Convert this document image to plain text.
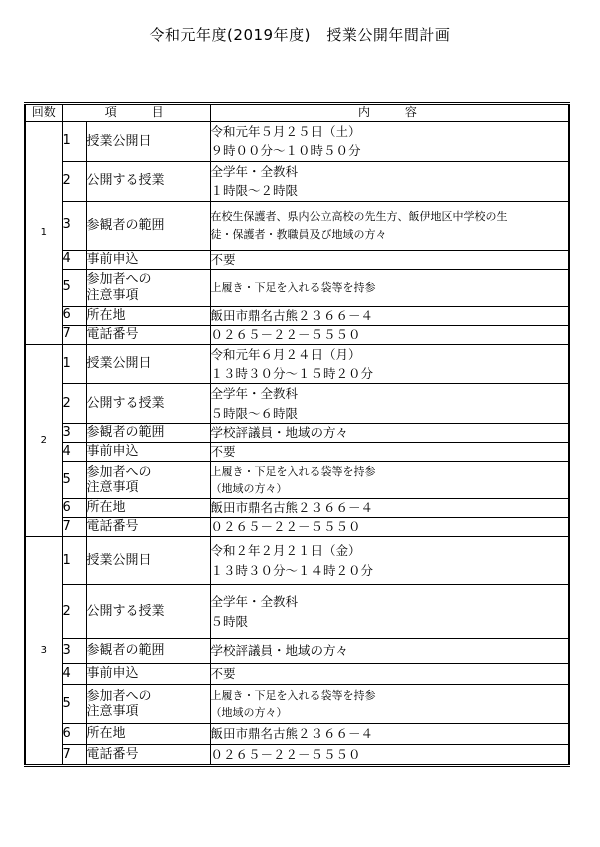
令和元年度(2019年度)　授業公開年間計画
回数	項　　目		内　　容
1	1	授業公開日	令和元年５月２５日（土）
９時００分～１０時５０分

	2	公開する授業	全学年・全教科
１時限～２時限

	3	参観者の範囲	在校生保護者、県内公立高校の先生方、飯伊地区中学校の生
徒・保護者・教職員及び地域の方々

	4	事前申込	不要

	5	参加者への
注意事項	上履き・下足を入れる袋等を持参

	6	所在地	飯田市鼎名古熊２３６６－４

	7	電話番号	０２６５－２２－５５５０

2	1	授業公開日	令和元年６月２４日（月）
１３時３０分～１５時２０分

	2	公開する授業	全学年・全教科
５時限～６時限

	3	参観者の範囲	学校評議員・地域の方々

	4	事前申込	不要

	5	参加者への
注意事項	上履き・下足を入れる袋等を持参
（地域の方々）

	6	所在地	飯田市鼎名古熊２３６６－４

	7	電話番号	０２６５－２２－５５５０

3	1	授業公開日	令和２年２月２１日（金）
１３時３０分～１４時２０分

	2	公開する授業	全学年・全教科
５時限

	3	参観者の範囲	学校評議員・地域の方々

	4	事前申込	不要

	5	参加者への
注意事項	上履き・下足を入れる袋等を持参
（地域の方々）

	6	所在地	飯田市鼎名古熊２３６６－４

	7	電話番号	０２６５－２２－５５５０
